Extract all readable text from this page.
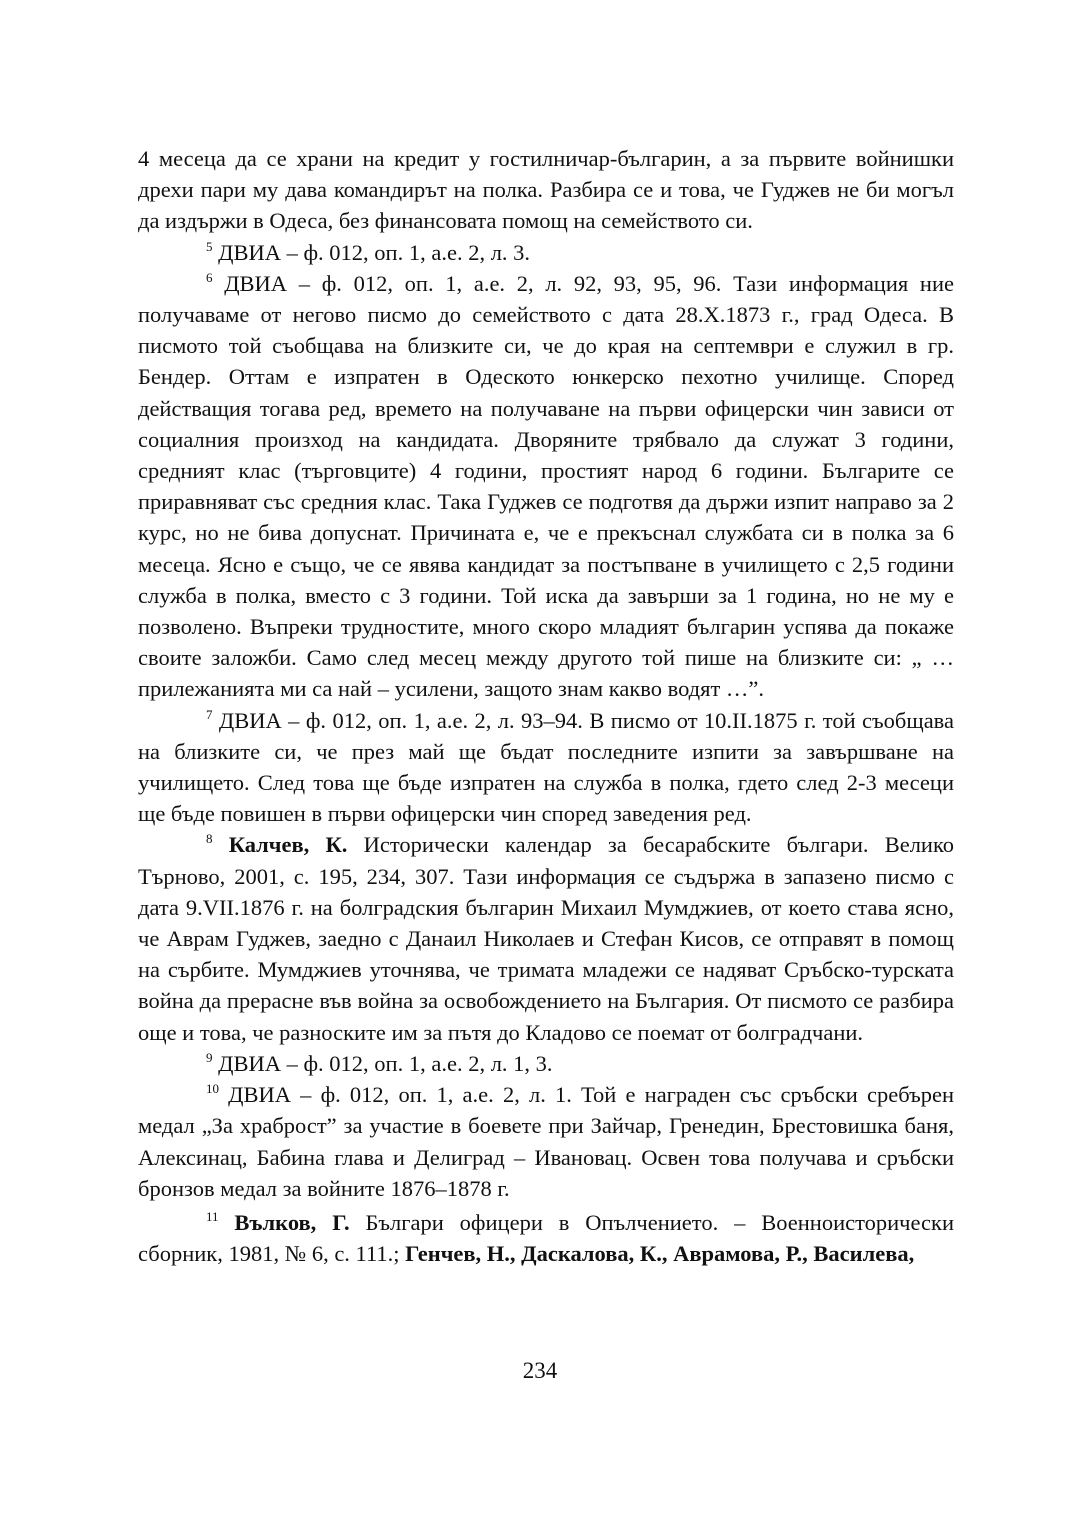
4 месеца да се храни на кредит у гостилничар-българин, а за първите войнишки дрехи пари му дава командирът на полка. Разбира се и това, че Гуджев не би могъл да издържи в Одеса, без финансовата помощ на семейството си.

$^5$ ДВИА – ф. 012, оп. 1, а.е. 2, л. 3.

$^6$ ДВИА – ф. 012, оп. 1, а.е. 2, л. 92, 93, 95, 96. Тази информация ние получаваме от негово писмо до семейството с дата 28.X.1873 г., град Одеса. В писмото той съобщава на близките си, че до края на септември е служил в гр. Бендер. Оттам е изпратен в Одеското юнкерско пехотно училище. Според действащия тогава ред, времето на получаване на първи офицерски чин зависи от социалния произход на кандидата. Дворяните трябвало да служат 3 години, средният клас (търговците) 4 години, простият народ 6 години. Българите се приравняват със средния клас. Така Гуджев се подготвя да държи изпит направо за 2 курс, но не бива допуснат. Причината е, че е прекъснал службата си в полка за 6 месеца. Ясно е също, че се явява кандидат за постъпване в училището с 2,5 години служба в полка, вместо с 3 години. Той иска да завърши за 1 година, но не му е позволено. Въпреки трудностите, много скоро младият българин успява да покаже своите заложби. Само след месец между другото той пише на близките си: „ … прилежанията ми са най – усилени, защото знам какво водят …”.

$^7$ ДВИА – ф. 012, оп. 1, а.е. 2, л. 93–94. В писмо от 10.II.1875 г. той съобщава на близките си, че през май ще бъдат последните изпити за завършване на училището. След това ще бъде изпратен на служба в полка, гдето след 2-3 месеци ще бъде повишен в първи офицерски чин според заведения ред.

$^8$ Калчев, К. Исторически календар за бесарабските българи. Велико Търново, 2001, с. 195, 234, 307. Тази информация се съдържа в запазено писмо с дата 9.VII.1876 г. на болградския българин Михаил Мумджиев, от което става ясно, че Аврам Гуджев, заедно с Данаил Николаев и Стефан Кисов, се отправят в помощ на сърбите. Мумджиев уточнява, че тримата младежи се надяват Сръбско-турската война да прерасне във война за освобождението на България. От писмото се разбира още и това, че разноските им за пътя до Кладово се поемат от болградчани.

$^9$ ДВИА – ф. 012, оп. 1, а.е. 2, л. 1, 3.

$^{10}$ ДВИА – ф. 012, оп. 1, а.е. 2, л. 1. Той е награден със сръбски сребърен медал „За храброст” за участие в боевете при Зайчар, Гренедин, Брестовишка баня, Алексинац, Бабина глава и Делиград – Ивановац. Освен това получава и сръбски бронзов медал за войните 1876–1878 г.

$^{11}$ Вълков, Г. Българи офицери в Опълчението. – Военноисторически сборник, 1981, № 6, с. 111.; Генчев, Н., Даскалова, К., Аврамова, Р., Василева,

234
